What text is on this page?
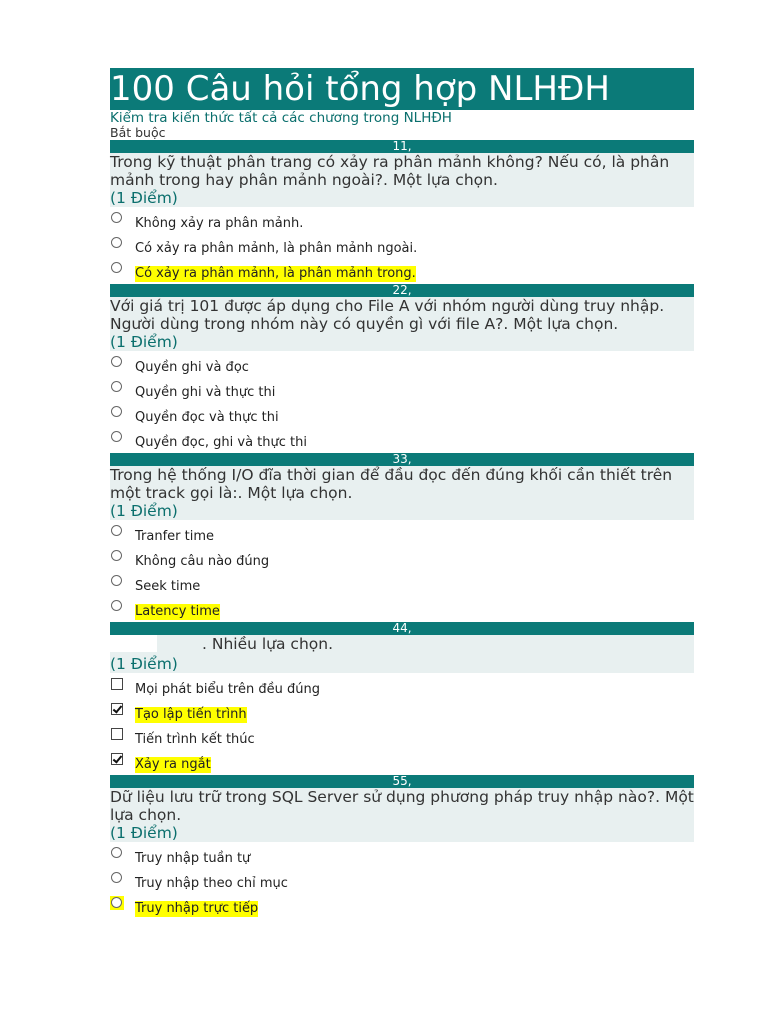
100 Câu hỏi tổng hợp NLHĐH
Kiểm tra kiến thức tất cả các chương trong NLHĐH
Bắt buộc
11,

Trong kỹ thuật phân trang có xảy ra phân mảnh không? Nếu có, là phân mảnh trong hay phân mảnh ngoài?. Một lựa chọn.

(1 Điểm)
Không xảy ra phân mảnh.
Có xảy ra phân mảnh, là phân mảnh ngoài.
Có xảy ra phân mảnh, là phân mảnh trong.
22,

Với giá trị 101 được áp dụng cho File A với nhóm người dùng truy nhập. Người dùng trong nhóm này có quyền gì với file A?. Một lựa chọn.

(1 Điểm)
Quyền ghi và đọc
Quyền ghi và thực thi
Quyền đọc và thực thi
Quyền đọc, ghi và thực thi
33,

Trong hệ thống I/O đĩa thời gian để đầu đọc đến đúng khối cần thiết trên một track gọi là:. Một lựa chọn.

(1 Điểm)
Tranfer time
Không câu nào đúng
Seek time
Latency time
44,
. Nhiều lựa chọn.
(1 Điểm)
Mọi phát biểu trên đều đúng
Tạo lập tiến trình
Tiến trình kết thúc
Xảy ra ngắt
55,

Dữ liệu lưu trữ trong SQL Server sử dụng phương pháp truy nhập nào?. Một lựa chọn.

(1 Điểm)
Truy nhập tuần tự
Truy nhập theo chỉ mục
Truy nhập trực tiếp
